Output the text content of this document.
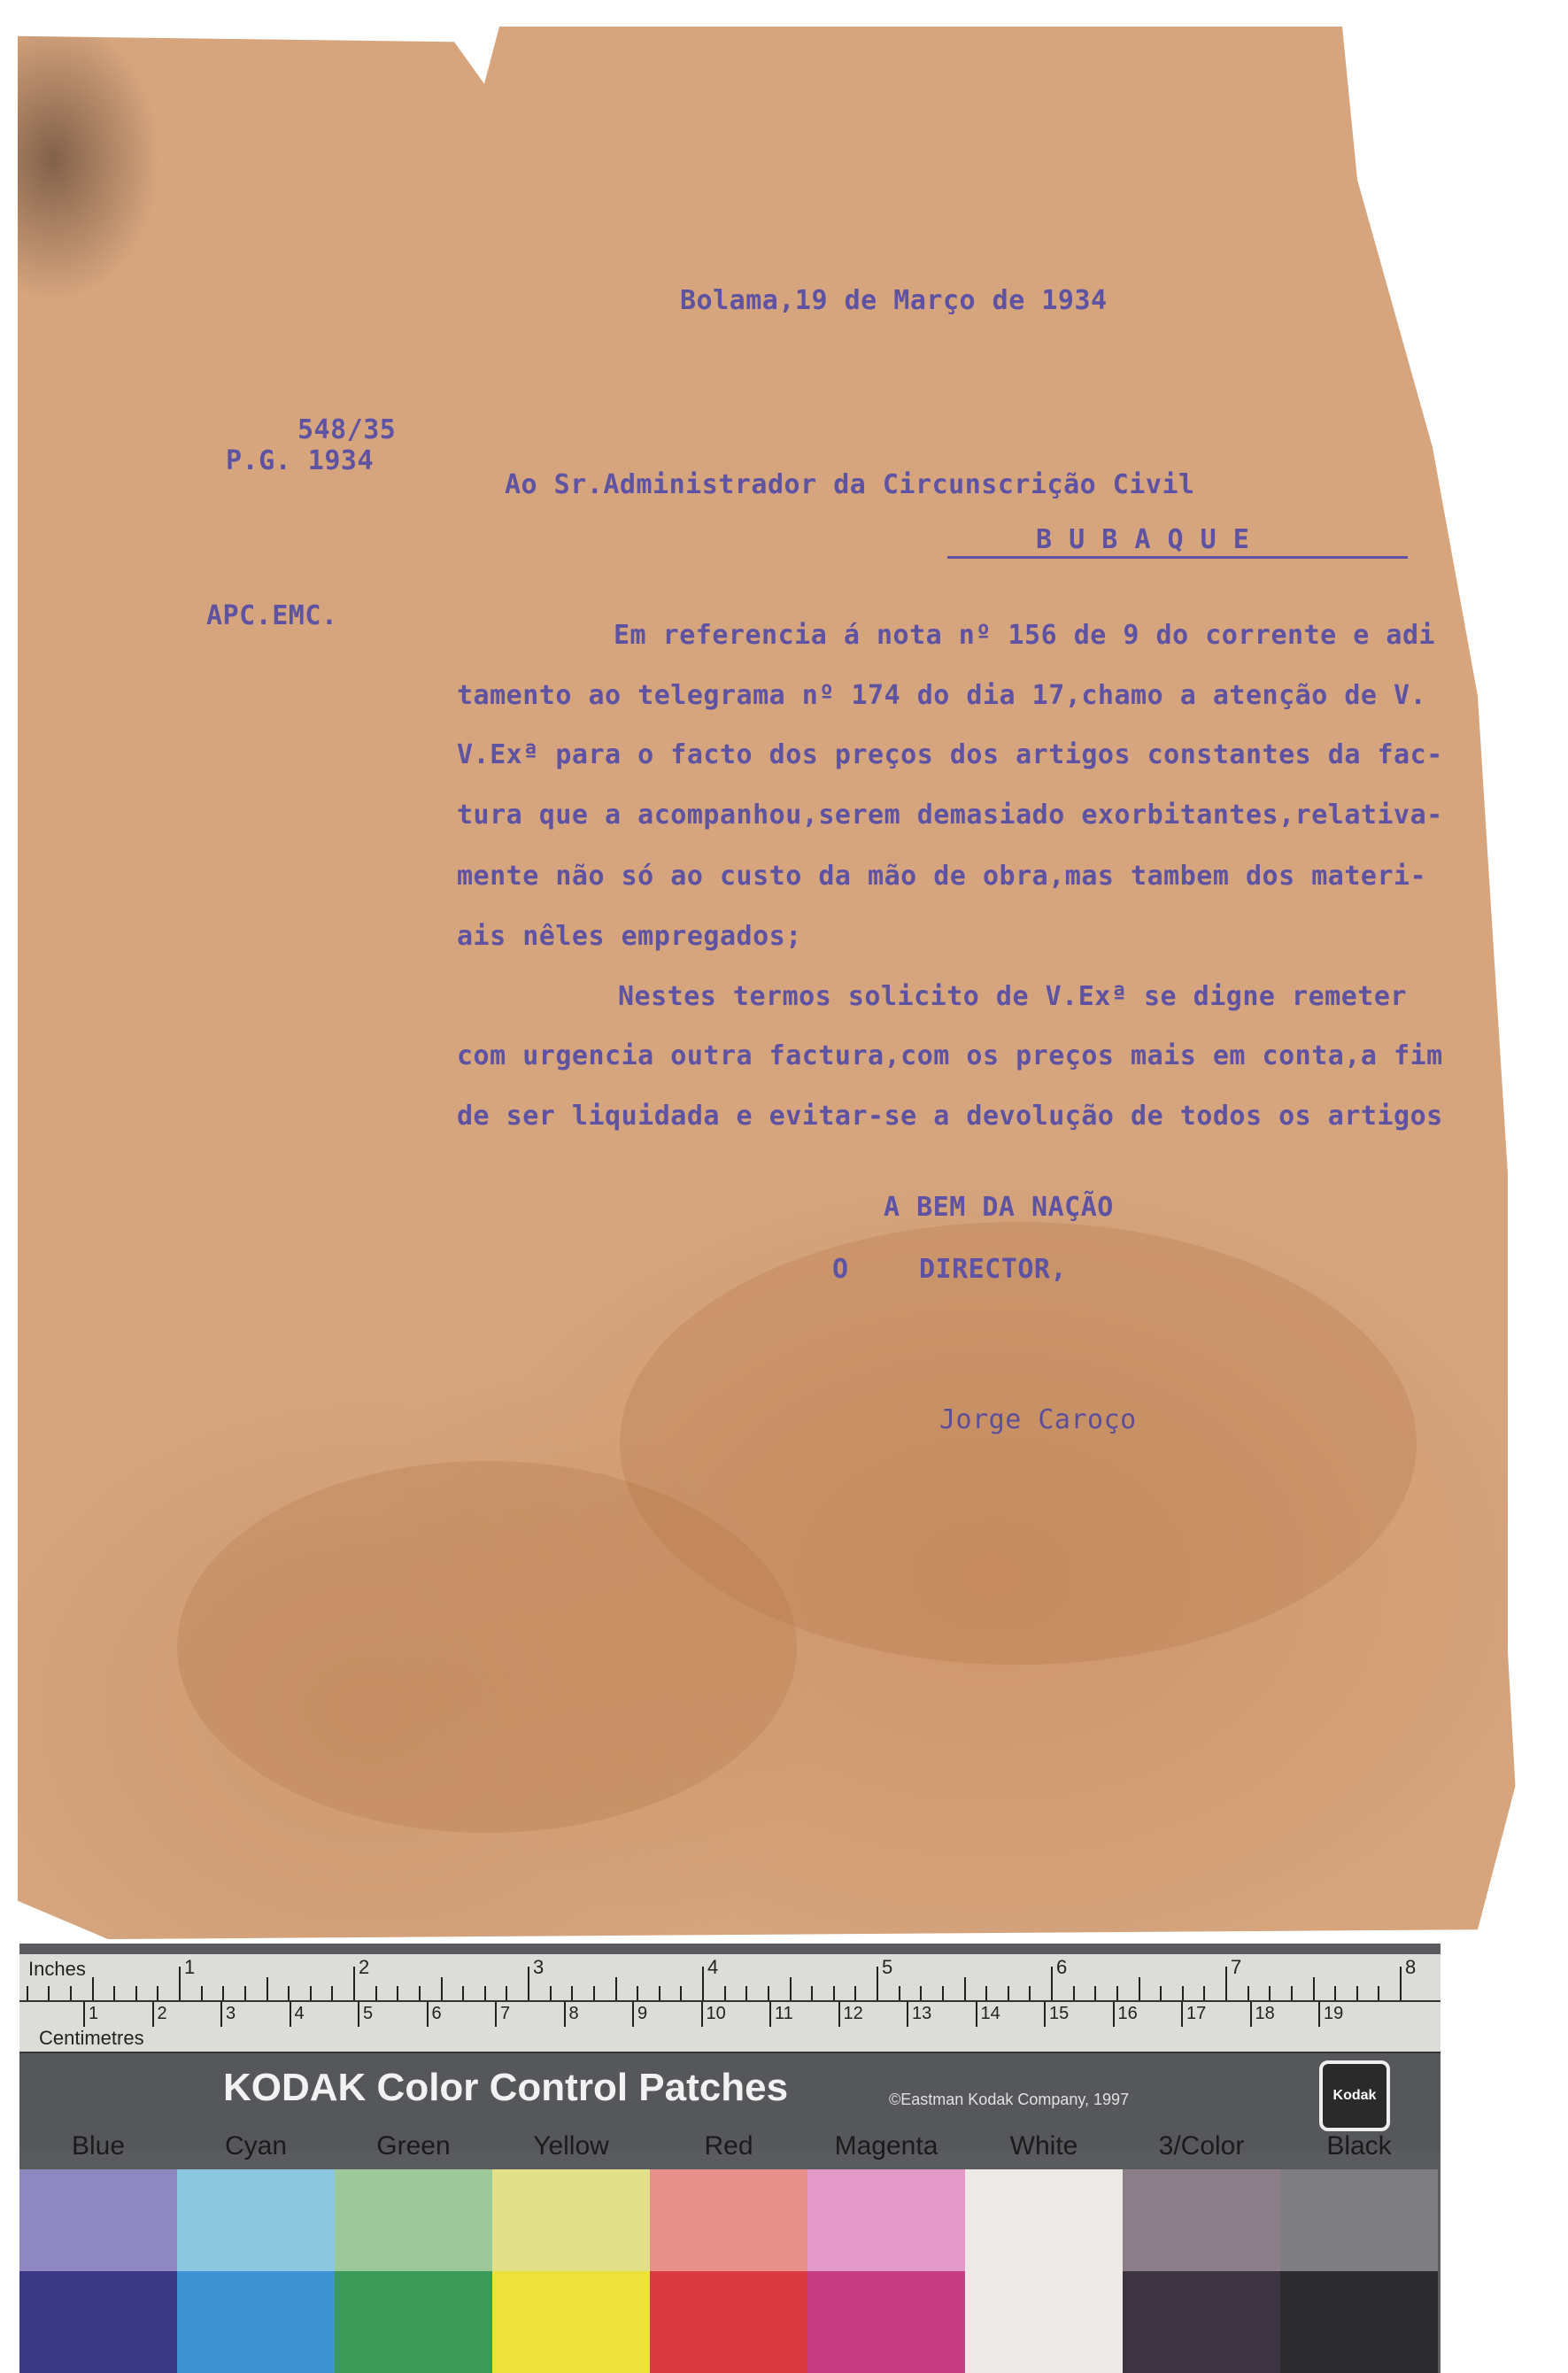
Bolama,19 de Março de 1934
548/35
P.G. 1934
APC.EMC.
Ao Sr.Administrador da Circunscrição Civil
B U B A Q U E
Em referencia á nota nº 156 de 9 do corrente e adi
tamento ao telegrama nº 174 do dia 17,chamo a atenção de V.
V.Exª para o facto dos preços dos artigos constantes da fac-
tura que a acompanhou,serem demasiado exorbitantes,relativa-
mente não só ao custo da mão de obra,mas tambem dos materi-
ais nêles empregados;
Nestes termos solicito de V.Exª se digne remeter
com urgencia outra factura,com os preços mais em conta,a fim
de ser liquidada e evitar-se a devolução de todos os artigos
A BEM DA NAÇÃO
O	DIRECTOR,
Jorge Caroço
Inches	1	2	3	4	5	6	7	8
1	2	3	4	5	6	7	8	9	10	11	12	13	14	15	16	17	18	19
Centimetres
KODAK Color Control Patches	©Eastman Kodak Company, 1997	Kodak
Blue	Cyan	Green	Yellow	Red	Magenta	White	3/Color	Black
